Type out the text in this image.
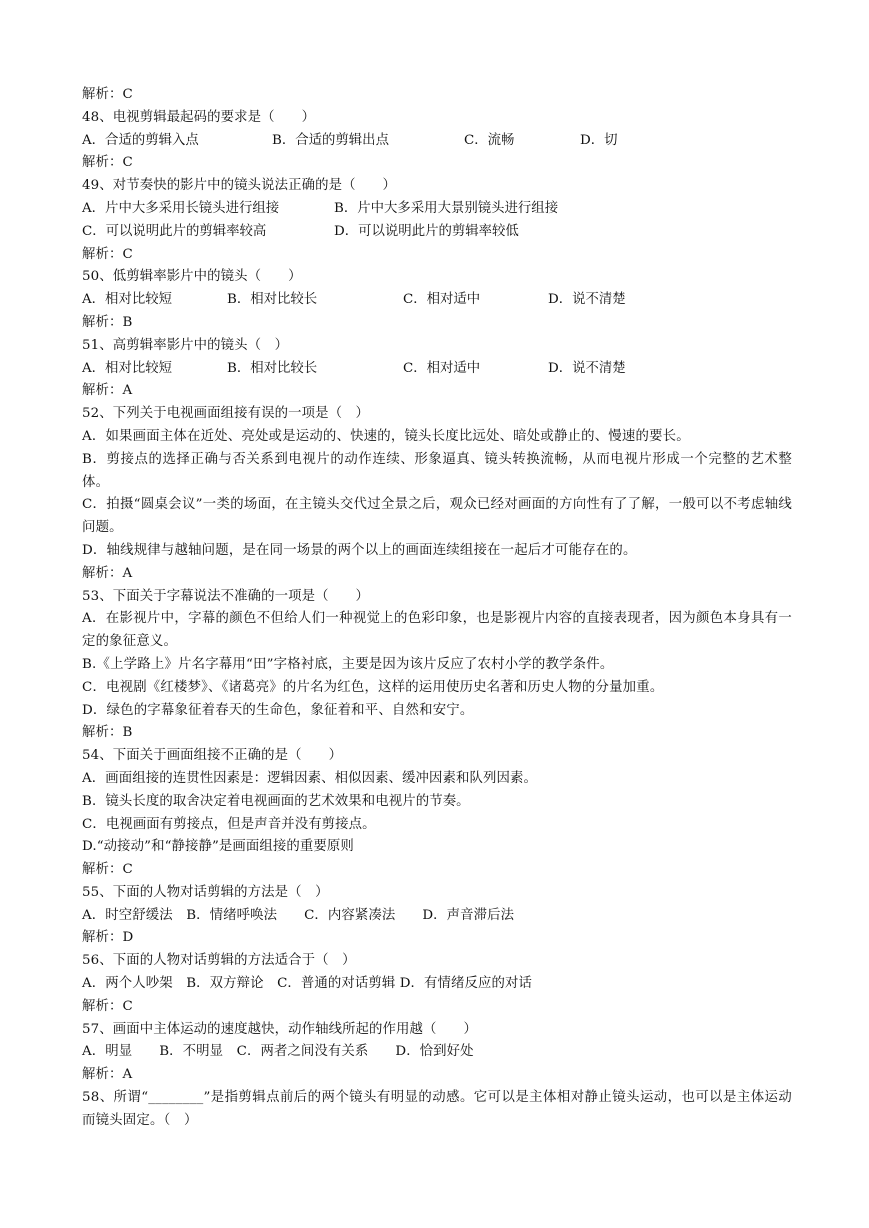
解析：C
48、电视剪辑最起码的要求是（　　）
A．合适的剪辑入点	B．合适的剪辑出点	C．流畅	D．切
解析：C
49、对节奏快的影片中的镜头说法正确的是（　　）
A．片中大多采用长镜头进行组接	B．片中大多采用大景别镜头进行组接
C．可以说明此片的剪辑率较高	D．可以说明此片的剪辑率较低
解析：C
50、低剪辑率影片中的镜头（　　）
A．相对比较短	B．相对比较长	C．相对适中	D．说不清楚
解析：B
51、高剪辑率影片中的镜头（　）
A．相对比较短	B．相对比较长	C．相对适中	D．说不清楚
解析：A
52、下列关于电视画面组接有误的一项是（　）

A．如果画面主体在近处、亮处或是运动的、快速的，镜头长度比远处、暗处或静止的、慢速的要长。

B．剪接点的选择正确与否关系到电视片的动作连续、形象逼真、镜头转换流畅，从而电视片形成一个完整的艺术整体。

C．拍摄“圆桌会议”一类的场面，在主镜头交代过全景之后，观众已经对画面的方向性有了了解，一般可以不考虑轴线问题。

D．轴线规律与越轴问题，是在同一场景的两个以上的画面连续组接在一起后才可能存在的。

解析：A
53、下面关于字幕说法不准确的一项是（　　）

A．在影视片中，字幕的颜色不但给人们一种视觉上的色彩印象，也是影视片内容的直接表现者，因为颜色本身具有一定的象征意义。

B.《上学路上》片名字幕用“田”字格衬底，主要是因为该片反应了农村小学的教学条件。

C．电视剧《红楼梦》、《诸葛亮》的片名为红色，这样的运用使历史名著和历史人物的分量加重。

D．绿色的字幕象征着春天的生命色，象征着和平、自然和安宁。

解析：B
54、下面关于画面组接不正确的是（　　）
A．画面组接的连贯性因素是：逻辑因素、相似因素、缓冲因素和队列因素。
B．镜头长度的取舍决定着电视画面的艺术效果和电视片的节奏。
C．电视画面有剪接点，但是声音并没有剪接点。
D.“动接动”和“静接静”是画面组接的重要原则
解析：C
55、下面的人物对话剪辑的方法是（　）
A．时空舒缓法　B．情绪呼唤法　　C．内容紧凑法　　D．声音滞后法
解析：D
56、下面的人物对话剪辑的方法适合于（　）
A．两个人吵架　B．双方辩论　C．普通的对话剪辑 D．有情绪反应的对话
解析：C
57、画面中主体运动的速度越快，动作轴线所起的作用越（　　）
A．明显　　B．不明显　C．两者之间没有关系　　D．恰到好处
解析：A

58、所谓“________”是指剪辑点前后的两个镜头有明显的动感。它可以是主体相对静止镜头运动，也可以是主体运动而镜头固定。（　）
